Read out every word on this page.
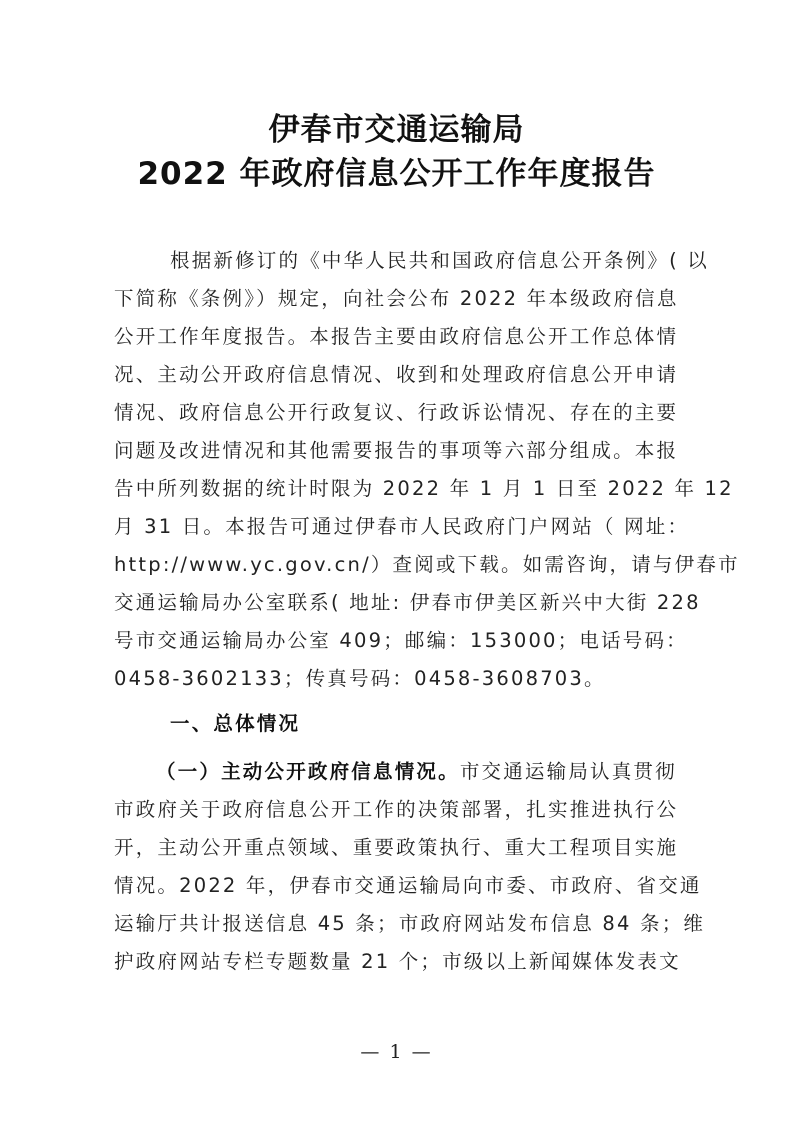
伊春市交通运输局
2022 年政府信息公开工作年度报告
根据新修订的《中华人民共和国政府信息公开条例》( 以
下简称《条例》）规定，向社会公布 2022 年本级政府信息
公开工作年度报告。本报告主要由政府信息公开工作总体情
况、主动公开政府信息情况、收到和处理政府信息公开申请
情况、政府信息公开行政复议、行政诉讼情况、存在的主要
问题及改进情况和其他需要报告的事项等六部分组成。本报
告中所列数据的统计时限为 2022 年 1 月 1 日至 2022 年 12
月 31 日。本报告可通过伊春市人民政府门户网站（ 网址：
http://www.yc.gov.cn/）查阅或下载。如需咨询，请与伊春市
交通运输局办公室联系( 地址: 伊春市伊美区新兴中大街 228
号市交通运输局办公室 409；邮编：153000；电话号码：
0458-3602133；传真号码：0458-3608703。
一、总体情况
（一）主动公开政府信息情况。市交通运输局认真贯彻
市政府关于政府信息公开工作的决策部署，扎实推进执行公
开，主动公开重点领域、重要政策执行、重大工程项目实施
情况。2022 年，伊春市交通运输局向市委、市政府、省交通
运输厅共计报送信息 45 条；市政府网站发布信息 84 条；维
护政府网站专栏专题数量 21 个；市级以上新闻媒体发表文
— 1 —
